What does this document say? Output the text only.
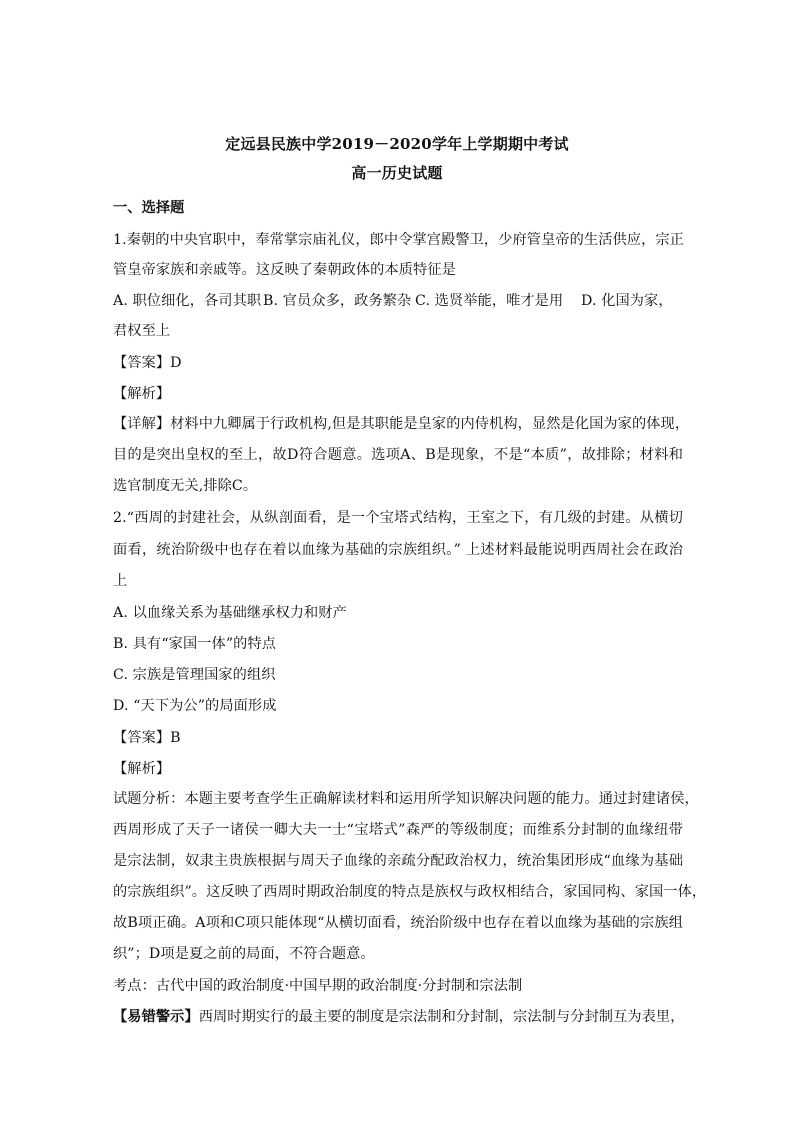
定远县民族中学2019－2020学年上学期期中考试
高一历史试题
一、选择题
1.秦朝的中央官职中，奉常掌宗庙礼仪，郎中令掌宫殿警卫，少府管皇帝的生活供应，宗正
管皇帝家族和亲戚等。这反映了秦朝政体的本质特征是
A. 职位细化，各司其职 B. 官员众多，政务繁杂 C. 选贤举能，唯才是用 D. 化国为家，
君权至上
【答案】D
【解析】
【详解】材料中九卿属于行政机构,但是其职能是皇家的内侍机构，显然是化国为家的体现，
目的是突出皇权的至上，故D符合题意。选项A、B是现象，不是“本质”，故排除；材料和
选官制度无关,排除C。
2.“西周的封建社会，从纵剖面看，是一个宝塔式结构，王室之下，有几级的封建。从横切
面看，统治阶级中也存在着以血缘为基础的宗族组织。” 上述材料最能说明西周社会在政治
上
A. 以血缘关系为基础继承权力和财产
B. 具有“家国一体”的特点
C. 宗族是管理国家的组织
D. “天下为公”的局面形成
【答案】B
【解析】
试题分析：本题主要考查学生正确解读材料和运用所学知识解决问题的能力。通过封建诸侯，
西周形成了天子一诸侯一卿大夫一士“宝塔式”森严的等级制度；而维系分封制的血缘纽带
是宗法制，奴隶主贵族根据与周天子血缘的亲疏分配政治权力，统治集团形成“血缘为基础
的宗族组织”。这反映了西周时期政治制度的特点是族权与政权相结合，家国同构、家国一体，
故B项正确。A项和C项只能体现“从横切面看，统治阶级中也存在着以血缘为基础的宗族组
织”；D项是夏之前的局面，不符合题意。
考点：古代中国的政治制度·中国早期的政治制度·分封制和宗法制
【易错警示】西周时期实行的最主要的制度是宗法制和分封制，宗法制与分封制互为表里，
